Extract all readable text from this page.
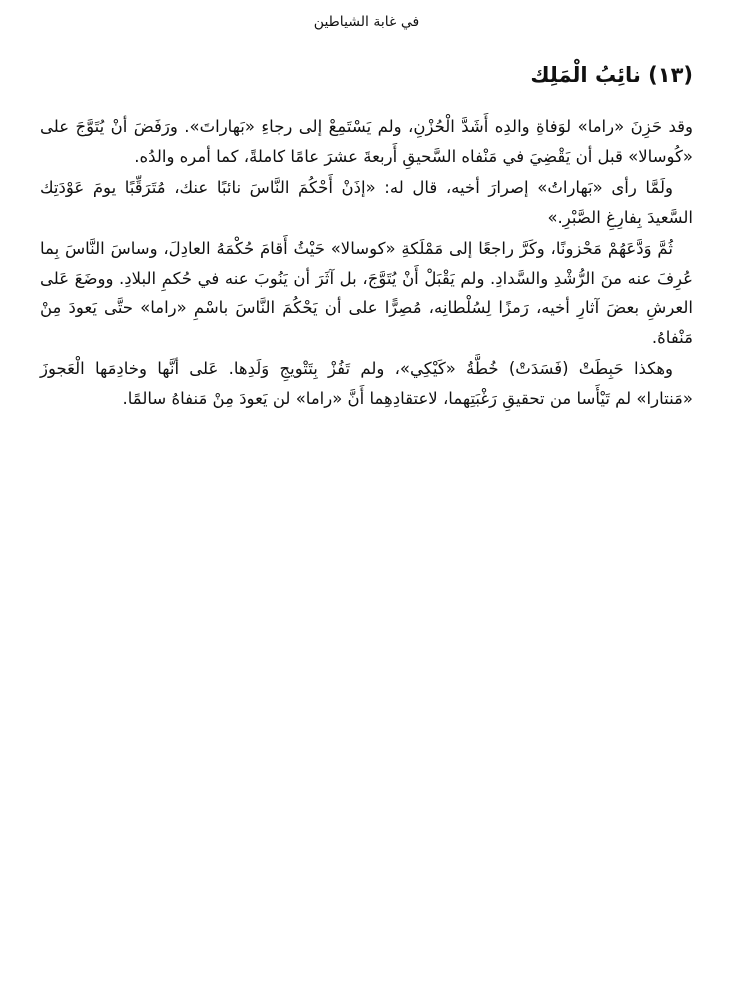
في غابة الشياطين
(١٣) نائِبُ الْمَلِك

وقد حَزِنَ «راما» لوَفاةِ والدِه أَشَدَّ الْحُزْنِ، ولم يَسْتَمِعْ إلى رجاءِ «بَهاراتَ». ورَفَضَ أنْ يُتَوَّجَ على «كُوسالا» قبل أن يَقْضِيَ في مَنْفاه السَّحيقِ أَربعةَ عشرَ عامًا كاملةً، كما أمره والدُه.

ولَمَّا رأى «بَهاراتُ» إصرارَ أخيه، قال له: «إذَنْ أَحْكُمَ النَّاسَ نائبًا عنك، مُتَرَقِّبًا يومَ عَوْدَتِك السَّعيدَ بِفارِغِ الصَّبْرِ.»

ثُمَّ وَدَّعَهُمْ مَحْزونًا، وكَرَّ راجعًا إلى مَمْلَكةِ «كوسالا» حَيْثُ أَقامَ حُكْمَهُ العادِلَ، وساسَ النَّاسَ بِما عُرِفَ عنه منَ الرُّشْدِ والسَّدادِ. ولم يَقْبَلْ أَنْ يُتَوَّجَ، بل آثَرَ أن يَنُوبَ عنه في حُكمِ البلادِ. ووضَعَ عَلى العرشِ بعضَ آثارِ أخيه، رَمزًا لِسُلْطانِه، مُصِرًّا على أن يَحْكُمَ النَّاسَ باسْمِ «راما» حتَّى يَعودَ مِنْ مَنْفاهُ.

وهكذا حَبِطَتْ (فَسَدَتْ) خُطَّةُ «كَيْكِي»، ولم تَفُزْ بِتَتْويجِ وَلَدِها. عَلى أنَّها وخادِمَها الْعَجوزَ «مَنتارا» لم تَيْأَسا من تحقيقِ رَغْبَتِهما، لاعتقادِهِما أَنَّ «راما» لن يَعودَ مِنْ مَنفاهُ سالمًا.
